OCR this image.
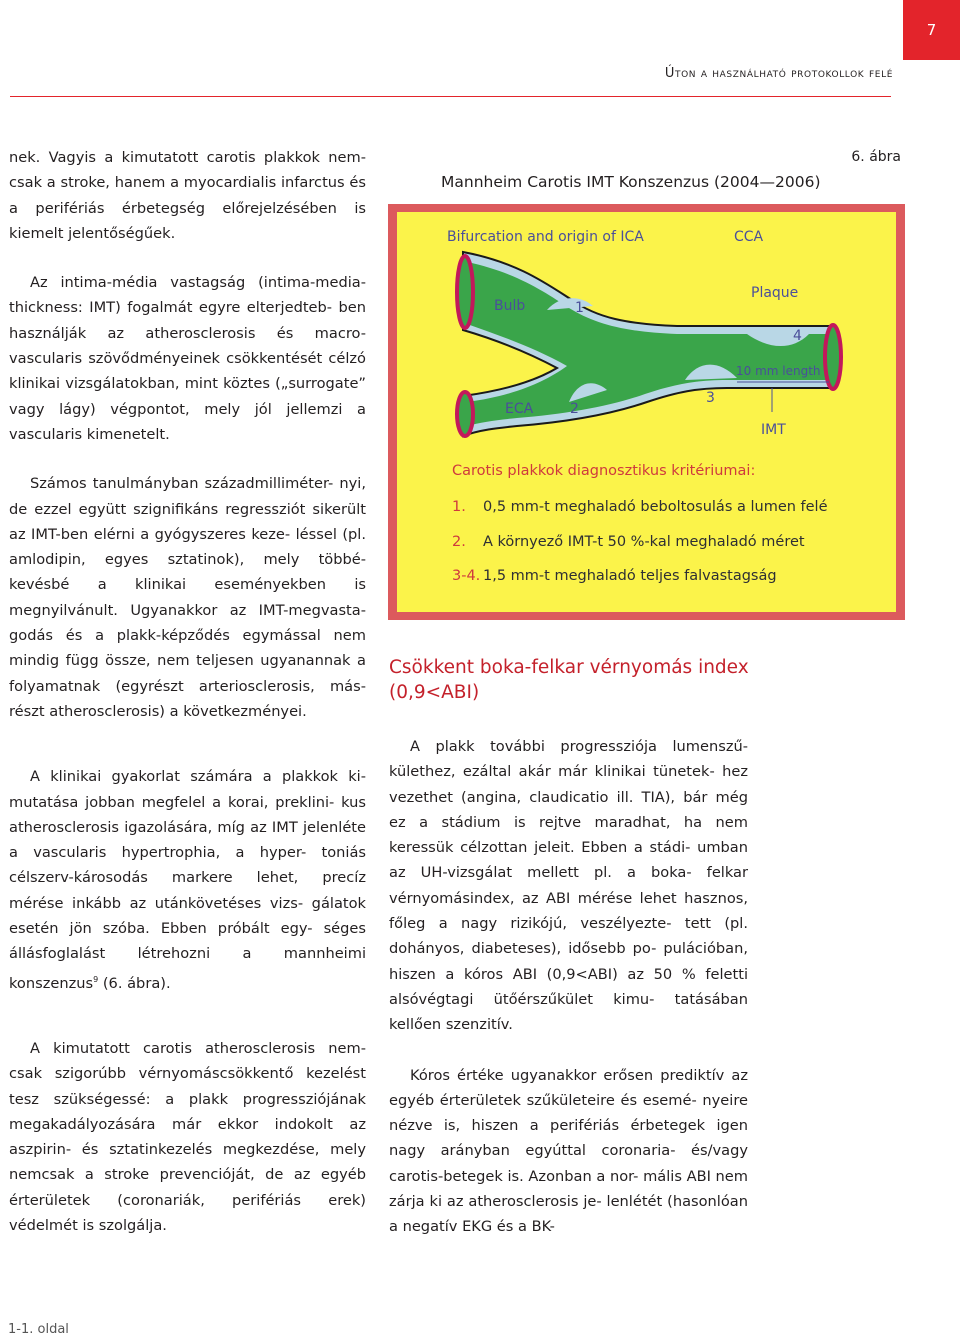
7
Úton a használható protokollok felé

nek. Vagyis a kimutatott carotis plakkok nem- csak a stroke, hanem a myocardialis infarctus és a perifériás érbetegség előrejelzésében is kiemelt jelentőségűek.

Az intima-média vastagság (intima-media- thickness: IMT) fogalmát egyre elterjedteb- ben használják az atherosclerosis és macro- vascularis szövődményeinek csökkentését célzó klinikai vizsgálatokban, mint köztes („surrogate” vagy lágy) végpontot, mely jól jellemzi a vascularis kimenetelt.

Számos tanulmányban századmilliméter- nyi, de ezzel együtt szignifikáns regressziót sikerült az IMT-ben elérni a gyógyszeres keze- léssel (pl. amlodipin, egyes sztatinok), mely többé-kevésbé a klinikai eseményekben is megnyilvánult. Ugyanakkor az IMT-megvasta- godás és a plakk-képződés egymással nem mindig függ össze, nem teljesen ugyanannak a folyamatnak (egyrészt arteriosclerosis, más- részt atherosclerosis) a következményei.

A klinikai gyakorlat számára a plakkok ki- mutatása jobban megfelel a korai, preklini- kus atherosclerosis igazolására, míg az IMT jelenléte a vascularis hypertrophia, a hyper- toniás célszerv-károsodás markere lehet, precíz mérése inkább az utánkövetéses vizs- gálatok esetén jön szóba. Ebben próbált egy- séges állásfoglalást létrehozni a mannheimi konszenzus$^9$ (6. ábra).

A kimutatott carotis atherosclerosis nem- csak szigorúbb vérnyomáscsökkentő kezelést tesz szükségessé: a plakk progressziójának megakadályozására már ekkor indokolt az aszpirin- és sztatinkezelés megkezdése, mely nemcsak a stroke prevencióját, de az egyéb érterületek (coronariák, perifériás erek) védelmét is szolgálja.

6. ábra
Mannheim Carotis IMT Konszenzus (2004—2006)
Bifurcation and origin of ICA	CCA
Bulb	1
Plaque
4
10 mm length
3
ECA	2
IMT
Carotis plakkok diagnosztikus kritériumai:
1. 0,5 mm-t meghaladó beboltosulás a lumen felé
2. A környező IMT-t 50 %-kal meghaladó méret
3-4. 1,5 mm-t meghaladó teljes falvastagság
Csökkent boka-felkar vérnyomás index (0,9<ABI)

A plakk további progressziója lumenszű- külethez, ezáltal akár már klinikai tünetek- hez vezethet (angina, claudicatio ill. TIA), bár még ez a stádium is rejtve maradhat, ha nem keressük célzottan jeleit. Ebben a stádi- umban az UH-vizsgálat mellett pl. a boka- felkar vérnyomásindex, az ABI mérése lehet hasznos, főleg a nagy rizikójú, veszélyezte- tett (pl. dohányos, diabeteses), idősebb po- pulációban, hiszen a kóros ABI (0,9<ABI) az 50 % feletti alsóvégtagi ütőérszűkület kimu- tatásában kellően szenzitív.

Kóros értéke ugyanakkor erősen prediktív az egyéb érterületek szűkületeire és esemé- nyeire nézve is, hiszen a perifériás érbetegek igen nagy arányban egyúttal coronaria- és/vagy carotis-betegek is. Azonban a nor- mális ABI nem zárja ki az atherosclerosis je- lenlétét (hasonlóan a negatív EKG és a BK-

1-1. oldal
